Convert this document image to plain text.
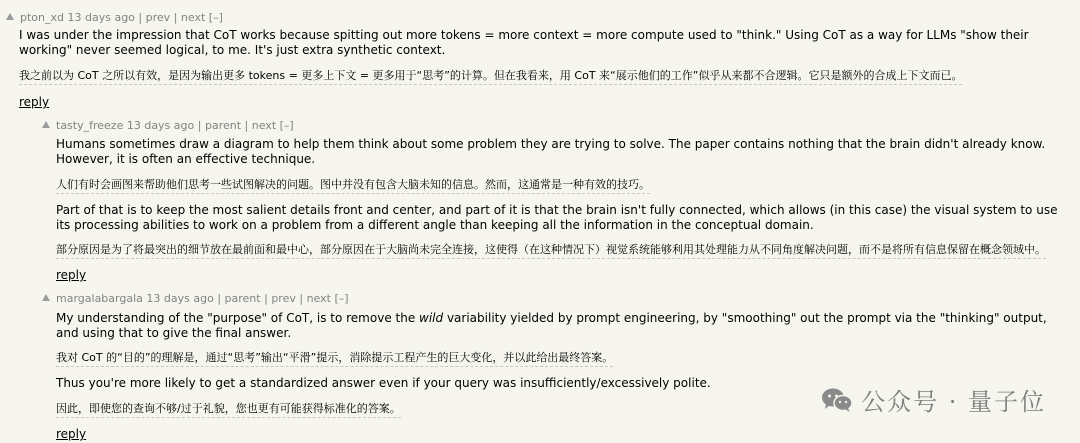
pton_xd 13 days ago | prev | next [–]
I was under the impression that CoT works because spitting out more tokens = more context = more compute used to "think." Using CoT as a way for LLMs "show their working" never seemed logical, to me. It's just extra synthetic context.
我之前以为 CoT 之所以有效，是因为输出更多 tokens = 更多上下文 = 更多用于“思考”的计算。但在我看来，用 CoT 来“展示他们的工作”似乎从来都不合逻辑。它只是额外的合成上下文而已。
reply
tasty_freeze 13 days ago | parent | next [–]
Humans sometimes draw a diagram to help them think about some problem they are trying to solve. The paper contains nothing that the brain didn't already know. However, it is often an effective technique.
人们有时会画图来帮助他们思考一些试图解决的问题。图中并没有包含大脑未知的信息。然而，这通常是一种有效的技巧。
Part of that is to keep the most salient details front and center, and part of it is that the brain isn't fully connected, which allows (in this case) the visual system to use its processing abilities to work on a problem from a different angle than keeping all the information in the conceptual domain.
部分原因是为了将最突出的细节放在最前面和最中心，部分原因在于大脑尚未完全连接，这使得（在这种情况下）视觉系统能够利用其处理能力从不同角度解决问题，而不是将所有信息保留在概念领域中。
reply
margalabargala 13 days ago | parent | prev | next [–]
My understanding of the "purpose" of CoT, is to remove the wild variability yielded by prompt engineering, by "smoothing" out the prompt via the "thinking" output, and using that to give the final answer.
我对 CoT 的“目的”的理解是，通过“思考”输出“平滑”提示，消除提示工程产生的巨大变化，并以此给出最终答案。
Thus you're more likely to get a standardized answer even if your query was insufficiently/excessively polite.
因此，即使您的查询不够/过于礼貌，您也更有可能获得标准化的答案。
reply
公众号 · 量子位
